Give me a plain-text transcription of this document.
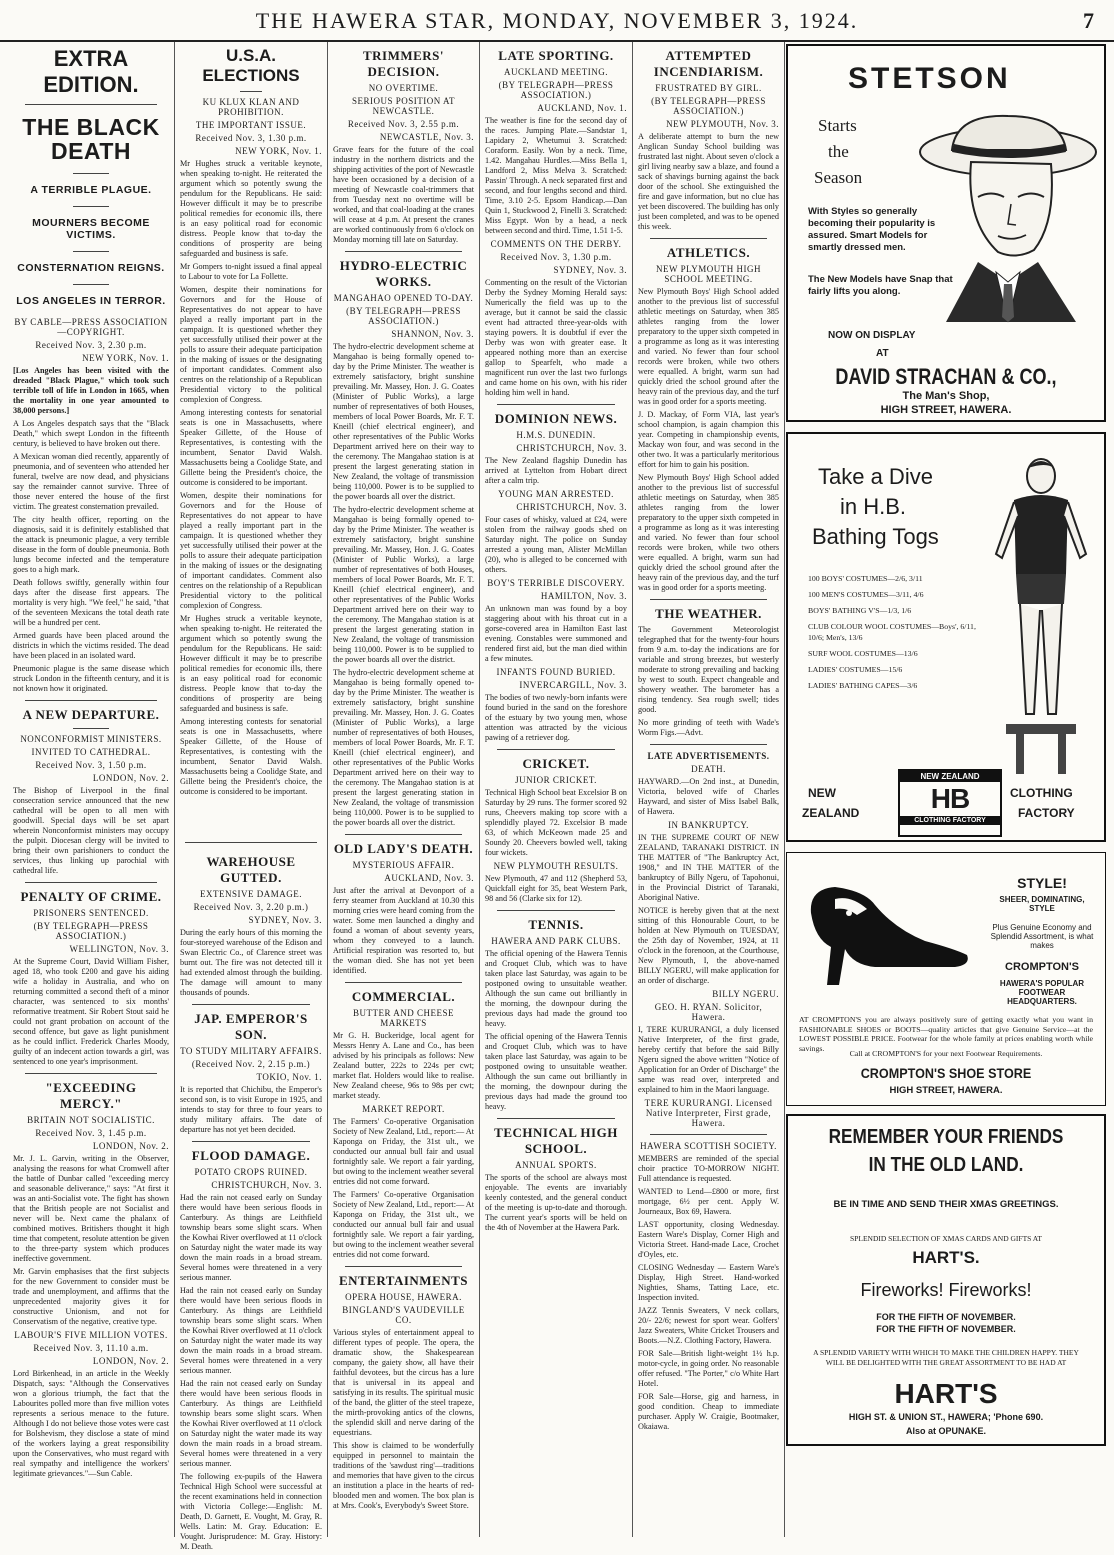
THE HAWERA STAR, MONDAY, NOVEMBER 3, 1924.	7
EXTRA EDITION.
THE BLACK DEATH
A TERRIBLE PLAGUE.
MOURNERS BECOME VICTIMS.
CONSTERNATION REIGNS.
LOS ANGELES IN TERROR.
BY CABLE—PRESS ASSOCIATION—COPYRIGHT.
Received Nov. 3, 2.30 p.m.
NEW YORK, Nov. 1.

[Los Angeles has been visited with the dreaded "Black Plague," which took such terrible toll of life in London in 1665, when the mortality in one year amounted to 38,000 persons.]

A Los Angeles despatch says that the "Black Death," which swept London in the fifteenth century, is believed to have broken out there.

A Mexican woman died recently, apparently of pneumonia, and of seventeen who attended her funeral, twelve are now dead, and physicians say the remainder cannot survive. Three of those never entered the house of the first victim. The greatest consternation prevailed.

The city health officer, reporting on the diagnosis, said it is definitely established that the attack is pneumonic plague, a very terrible disease in the form of double pneumonia. Both lungs become infected and the temperature goes to a high mark.

Death follows swiftly, generally within four days after the disease first appears. The mortality is very high. "We feel," he said, "that of the seventeen Mexicans the total death rate will be a hundred per cent.

Armed guards have been placed around the districts in which the victims resided. The dead have been placed in an isolated ward.

Pneumonic plague is the same disease which struck London in the fifteenth century, and it is not known how it originated.

A NEW DEPARTURE.
NONCONFORMIST MINISTERS.
INVITED TO CATHEDRAL.
Received Nov. 3, 1.50 p.m.
LONDON, Nov. 2.

The Bishop of Liverpool in the final consecration service announced that the new cathedral will be open to all men with goodwill. Special days will be set apart wherein Nonconformist ministers may occupy the pulpit. Diocesan clergy will be invited to bring their own parishioners to conduct the services, thus linking up parochial with cathedral life.

PENALTY OF CRIME.
PRISONERS SENTENCED.
(BY TELEGRAPH—PRESS ASSOCIATION.)
WELLINGTON, Nov. 3.

At the Supreme Court, David William Fisher, aged 18, who took £200 and gave his aiding wife a holiday in Australia, and who on returning committed a second theft of a minor character, was sentenced to six months' reformative treatment. Sir Robert Stout said he could not grant probation on account of the second offence, but gave as light punishment as he could inflict. Frederick Charles Moody, guilty of an indecent action towards a girl, was sentenced to one year's imprisonment.

"EXCEEDING MERCY."
BRITAIN NOT SOCIALISTIC.
Received Nov. 3, 1.45 p.m.
LONDON, Nov. 2.

Mr. J. L. Garvin, writing in the Observer, analysing the reasons for what Cromwell after the battle of Dunbar called "exceeding mercy and seasonable deliverance," says: "At first it was an anti-Socialist vote. The fight has shown that the British people are not Socialist and never will be. Next came the phalanx of combined motives. Britishers thought it high time that competent, resolute attention be given to the three-party system which produces ineffective government.

Mr. Garvin emphasises that the first subjects for the new Government to consider must be trade and unemployment, and affirms that the unprecedented majority gives it for constructive Unionism, and not for Conservatism of the negative, creative type.

LABOUR'S FIVE MILLION VOTES.
Received Nov. 3, 11.10 a.m.
LONDON, Nov. 2.

Lord Birkenhead, in an article in the Weekly Dispatch, says: "Although the Conservatives won a glorious triumph, the fact that the Labourites polled more than five million votes represents a serious menace to the future. Although I do not believe those votes were cast for Bolshevism, they disclose a state of mind of the workers laying a great responsibility upon the Conservatives, who must regard with real sympathy and intelligence the workers' legitimate grievances."—Sun Cable.

U.S.A. ELECTIONS
KU KLUX KLAN AND PROHIBITION.
THE IMPORTANT ISSUE.
Received Nov. 3, 1.30 p.m.
NEW YORK, Nov. 1.

Mr Hughes struck a veritable keynote, when speaking to-night. He reiterated the argument which so potently swung the pendulum for the Republicans. He said: However difficult it may be to prescribe political remedies for economic ills, there is an easy political road for economic distress. People know that to-day the conditions of prosperity are being safeguarded and business is safe.

Mr Gompers to-night issued a final appeal to Labour to vote for La Follette.

Women, despite their nominations for Governors and for the House of Representatives do not appear to have played a really important part in the campaign. It is questioned whether they yet successfully utilised their power at the polls to assure their adequate participation in the making of issues or the designating of important candidates. Comment also centres on the relationship of a Republican Presidential victory to the political complexion of Congress.

Among interesting contests for senatorial seats is one in Massachusetts, where Speaker Gillette, of the House of Representatives, is contesting with the incumbent, Senator David Walsh. Massachusetts being a Coolidge State, and Gillette being the President's choice, the outcome is considered to be important.

Women, despite their nominations for Governors and for the House of Representatives do not appear to have played a really important part in the campaign. It is questioned whether they yet successfully utilised their power at the polls to assure their adequate participation in the making of issues or the designating of important candidates. Comment also centres on the relationship of a Republican Presidential victory to the political complexion of Congress.

Mr Hughes struck a veritable keynote, when speaking to-night. He reiterated the argument which so potently swung the pendulum for the Republicans. He said: However difficult it may be to prescribe political remedies for economic ills, there is an easy political road for economic distress. People know that to-day the conditions of prosperity are being safeguarded and business is safe.

Among interesting contests for senatorial seats is one in Massachusetts, where Speaker Gillette, of the House of Representatives, is contesting with the incumbent, Senator David Walsh. Massachusetts being a Coolidge State, and Gillette being the President's choice, the outcome is considered to be important.

WAREHOUSE GUTTED.
EXTENSIVE DAMAGE.
Received Nov. 3, 2.20 p.m.)
SYDNEY, Nov. 3.

During the early hours of this morning the four-storeyed warehouse of the Edison and Swan Electric Co., of Clarence street was burnt out. The fire was not detected till it had extended almost through the building. The damage will amount to many thousands of pounds.

JAP. EMPEROR'S SON.
TO STUDY MILITARY AFFAIRS.
(Received Nov. 2, 2.15 p.m.)
TOKIO, Nov. 1.

It is reported that Chichibu, the Emperor's second son, is to visit Europe in 1925, and intends to stay for three to four years to study military affairs. The date of departure has not yet been decided.

FLOOD DAMAGE.
POTATO CROPS RUINED.
CHRISTCHURCH, Nov. 3.

Had the rain not ceased early on Sunday there would have been serious floods in Canterbury. As things are Leithfield township bears some slight scars. When the Kowhai River overflowed at 11 o'clock on Saturday night the water made its way down the main roads in a broad stream. Several homes were threatened in a very serious manner.

Had the rain not ceased early on Sunday there would have been serious floods in Canterbury. As things are Leithfield township bears some slight scars. When the Kowhai River overflowed at 11 o'clock on Saturday night the water made its way down the main roads in a broad stream. Several homes were threatened in a very serious manner.

Had the rain not ceased early on Sunday there would have been serious floods in Canterbury. As things are Leithfield township bears some slight scars. When the Kowhai River overflowed at 11 o'clock on Saturday night the water made its way down the main roads in a broad stream. Several homes were threatened in a very serious manner.

The following ex-pupils of the Hawera Technical High School were successful at the recent examinations held in connection with Victoria College:—English: M. Death, D. Garnett, E. Vought, M. Gray, R. Wells. Latin: M. Gray. Education: E. Vought. Jurisprudence: M. Gray. History: M. Death.

TRIMMERS' DECISION.
NO OVERTIME.
SERIOUS POSITION AT NEWCASTLE.
Received Nov. 3, 2.55 p.m.
NEWCASTLE, Nov. 3.

Grave fears for the future of the coal industry in the northern districts and the shipping activities of the port of Newcastle have been occasioned by a decision of a meeting of Newcastle coal-trimmers that from Tuesday next no overtime will be worked, and that coal-loading at the cranes will cease at 4 p.m. At present the cranes are worked continuously from 6 o'clock on Monday morning till late on Saturday.

HYDRO-ELECTRIC WORKS.
MANGAHAO OPENED TO-DAY.
(BY TELEGRAPH—PRESS ASSOCIATION.)
SHANNON, Nov. 3.

The hydro-electric development scheme at Mangahao is being formally opened to-day by the Prime Minister. The weather is extremely satisfactory, bright sunshine prevailing. Mr. Massey, Hon. J. G. Coates (Minister of Public Works), a large number of representatives of both Houses, members of local Power Boards, Mr. F. T. Kneill (chief electrical engineer), and other representatives of the Public Works Department arrived here on their way to the ceremony. The Mangahao station is at present the largest generating station in New Zealand, the voltage of transmission being 110,000. Power is to be supplied to the power boards all over the district.

The hydro-electric development scheme at Mangahao is being formally opened to-day by the Prime Minister. The weather is extremely satisfactory, bright sunshine prevailing. Mr. Massey, Hon. J. G. Coates (Minister of Public Works), a large number of representatives of both Houses, members of local Power Boards, Mr. F. T. Kneill (chief electrical engineer), and other representatives of the Public Works Department arrived here on their way to the ceremony. The Mangahao station is at present the largest generating station in New Zealand, the voltage of transmission being 110,000. Power is to be supplied to the power boards all over the district.

The hydro-electric development scheme at Mangahao is being formally opened to-day by the Prime Minister. The weather is extremely satisfactory, bright sunshine prevailing. Mr. Massey, Hon. J. G. Coates (Minister of Public Works), a large number of representatives of both Houses, members of local Power Boards, Mr. F. T. Kneill (chief electrical engineer), and other representatives of the Public Works Department arrived here on their way to the ceremony. The Mangahao station is at present the largest generating station in New Zealand, the voltage of transmission being 110,000. Power is to be supplied to the power boards all over the district.

OLD LADY'S DEATH.
MYSTERIOUS AFFAIR.
AUCKLAND, Nov. 3.

Just after the arrival at Devonport of a ferry steamer from Auckland at 10.30 this morning cries were heard coming from the water. Some men launched a dinghy and found a woman of about seventy years, whom they conveyed to a launch. Artificial respiration was resorted to, but the woman died. She has not yet been identified.

COMMERCIAL.
BUTTER AND CHEESE MARKETS

Mr G. H. Buckeridge, local agent for Messrs Henry A. Lane and Co., has been advised by his principals as follows: New Zealand butter, 222s to 224s per cwt; market flat. Holders would like to realise. New Zealand cheese, 96s to 98s per cwt; market steady.

MARKET REPORT.

The Farmers' Co-operative Organisation Society of New Zealand, Ltd., report:— At Kaponga on Friday, the 31st ult., we conducted our annual bull fair and usual fortnightly sale. We report a fair yarding, but owing to the inclement weather several entries did not come forward.

The Farmers' Co-operative Organisation Society of New Zealand, Ltd., report:— At Kaponga on Friday, the 31st ult., we conducted our annual bull fair and usual fortnightly sale. We report a fair yarding, but owing to the inclement weather several entries did not come forward.

ENTERTAINMENTS
OPERA HOUSE, HAWERA.
BINGLAND'S VAUDEVILLE CO.

Various styles of entertainment appeal to different types of people. The opera, the dramatic show, the Shakespearean company, the gaiety show, all have their faithful devotees, but the circus has a lure that is universal in its appeal and satisfying in its results. The spiritual music of the band, the glitter of the steel trapeze, the mirth-provoking antics of the clowns, the splendid skill and nerve daring of the equestrians.

This show is claimed to be wonderfully equipped in personnel to maintain the traditions of the 'sawdust ring'—traditions and memories that have given to the circus an institution a place in the hearts of red-blooded men and women. The box plan is at Mrs. Cook's, Everybody's Sweet Store.

LATE SPORTING.
AUCKLAND MEETING.
(BY TELEGRAPH—PRESS ASSOCIATION.)
AUCKLAND, Nov. 1.

The weather is fine for the second day of the races. Jumping Plate.—Sandstar 1, Lapidary 2, Whetumui 3. Scratched: Coraform. Easily. Won by a neck. Time, 1.42. Mangahau Hurdles.—Miss Bella 1, Landford 2, Miss Melva 3. Scratched: Passin' Through. A neck separated first and second, and four lengths second and third. Time, 3.10 2-5. Epsom Handicap.—Dan Quin 1, Stuckwood 2, Finelli 3. Scratched: Miss Egypt. Won by a head, a neck between second and third. Time, 1.51 1-5.

COMMENTS ON THE DERBY.
Received Nov. 3, 1.30 p.m.
SYDNEY, Nov. 3.

Commenting on the result of the Victorian Derby the Sydney Morning Herald says: Numerically the field was up to the average, but it cannot be said the classic event had attracted three-year-olds with staying powers. It is doubtful if ever the Derby was won with greater ease. It appeared nothing more than an exercise gallop to Spearfelt, who made a magnificent run over the last two furlongs and came home on his own, with his rider holding him well in hand.

DOMINION NEWS.
H.M.S. DUNEDIN.
CHRISTCHURCH, Nov. 3.

The New Zealand flagship Dunedin has arrived at Lyttelton from Hobart direct after a calm trip.

YOUNG MAN ARRESTED.
CHRISTCHURCH, Nov. 3.

Four cases of whisky, valued at £24, were stolen from the railway goods shed on Saturday night. The police on Sunday arrested a young man, Alister McMillan (20), who is alleged to be concerned with others.

BOY'S TERRIBLE DISCOVERY.
HAMILTON, Nov. 3.

An unknown man was found by a boy staggering about with his throat cut in a gorse-covered area in Hamilton East last evening. Constables were summoned and rendered first aid, but the man died within a few minutes.

INFANTS FOUND BURIED.
INVERCARGILL, Nov. 3.

The bodies of two newly-born infants were found buried in the sand on the foreshore of the estuary by two young men, whose attention was attracted by the vicious pawing of a retriever dog.

CRICKET.
JUNIOR CRICKET.

Technical High School beat Excelsior B on Saturday by 29 runs. The former scored 92 runs, Cheevers making top score with a splendidly played 72. Excelsior B made 63, of which McKeown made 25 and Soundy 20. Cheevers bowled well, taking four wickets.

NEW PLYMOUTH RESULTS.

New Plymouth, 47 and 112 (Shepherd 53, Quickfall eight for 35, beat Western Park, 98 and 56 (Clarke six for 12).

TENNIS.
HAWERA AND PARK CLUBS.

The official opening of the Hawera Tennis and Croquet Club, which was to have taken place last Saturday, was again to be postponed owing to unsuitable weather. Although the sun came out brilliantly in the morning, the downpour during the previous days had made the ground too heavy.

The official opening of the Hawera Tennis and Croquet Club, which was to have taken place last Saturday, was again to be postponed owing to unsuitable weather. Although the sun came out brilliantly in the morning, the downpour during the previous days had made the ground too heavy.

TECHNICAL HIGH SCHOOL.
ANNUAL SPORTS.

The sports of the school are always most enjoyable. The events are invariably keenly contested, and the general conduct of the meeting is up-to-date and thorough. The current year's sports will be held on the 4th of November at the Hawera Park.

ATTEMPTED INCENDIARISM.
FRUSTRATED BY GIRL.
(BY TELEGRAPH—PRESS ASSOCIATION.)
NEW PLYMOUTH, Nov. 3.

A deliberate attempt to burn the new Anglican Sunday School building was frustrated last night. About seven o'clock a girl living nearby saw a blaze, and found a sack of shavings burning against the back door of the school. She extinguished the fire and gave information, but no clue has yet been discovered. The building has only just been completed, and was to be opened this week.

ATHLETICS.
NEW PLYMOUTH HIGH SCHOOL MEETING.

New Plymouth Boys' High School added another to the previous list of successful athletic meetings on Saturday, when 385 athletes ranging from the lower preparatory to the upper sixth competed in a programme as long as it was interesting and varied. No fewer than four school records were broken, while two others were equalled. A bright, warm sun had quickly dried the school ground after the heavy rain of the previous day, and the turf was in good order for a sports meeting.

J. D. Mackay, of Form VIA, last year's school champion, is again champion this year. Competing in championship events, Mackay won four, and was second in the other two. It was a particularly meritorious effort for him to gain his position.

New Plymouth Boys' High School added another to the previous list of successful athletic meetings on Saturday, when 385 athletes ranging from the lower preparatory to the upper sixth competed in a programme as long as it was interesting and varied. No fewer than four school records were broken, while two others were equalled. A bright, warm sun had quickly dried the school ground after the heavy rain of the previous day, and the turf was in good order for a sports meeting.

THE WEATHER.

The Government Meteorologist telegraphed that for the twenty-four hours from 9 a.m. to-day the indications are for variable and strong breezes, but westerly moderate to strong prevailing and backing by west to south. Expect changeable and showery weather. The barometer has a rising tendency. Sea rough swell; tides good.

No more grinding of teeth with Wade's Worm Figs.—Advt.

LATE ADVERTISEMENTS.
DEATH.

HAYWARD.—On 2nd inst., at Dunedin, Victoria, beloved wife of Charles Hayward, and sister of Miss Isabel Balk, of Hawera.

IN BANKRUPTCY.

IN THE SUPREME COURT OF NEW ZEALAND, TARANAKI DISTRICT. IN THE MATTER of "The Bankruptcy Act, 1908," and IN THE MATTER of the bankruptcy of Billy Ngeru, of Tapohonui, in the Provincial District of Taranaki, Aboriginal Native.

NOTICE is hereby given that at the next sitting of this Honourable Court, to be holden at New Plymouth on TUESDAY, the 25th day of November, 1924, at 11 o'clock in the forenoon, at the Courthouse, New Plymouth, I, the above-named BILLY NGERU, will make application for an order of discharge.

BILLY NGERU.
GEO. H. RYAN. Solicitor, Hawera.

I, TERE KURURANGI, a duly licensed Native Interpreter, of the first grade, hereby certify that before the said Billy Ngeru signed the above written "Notice of Application for an Order of Discharge" the same was read over, interpreted and explained to him in the Maori language.

TERE KURURANGI. Licensed Native Interpreter, First grade, Hawera.
HAWERA SCOTTISH SOCIETY.

MEMBERS are reminded of the special choir practice TO-MORROW NIGHT. Full attendance is requested.

WANTED to Lend—£800 or more, first mortgage, 6½ per cent. Apply W. Journeaux, Box 69, Hawera.

LAST opportunity, closing Wednesday. Eastern Ware's Display, Corner High and Victoria Street. Hand-made Lace, Crochet d'Oyles, etc.

CLOSING Wednesday — Eastern Ware's Display, High Street. Hand-worked Nighties, Shams, Tatting Lace, etc. Inspection invited.

JAZZ Tennis Sweaters, V neck collars, 20/- 22/6; newest for sport wear. Golfers' Jazz Sweaters, White Cricket Trousers and Boots.—N.Z. Clothing Factory, Hawera.

FOR Sale—British light-weight 1½ h.p. motor-cycle, in going order. No reasonable offer refused. "The Porter," c/o White Hart Hotel.

FOR Sale—Horse, gig and harness, in good condition. Cheap to immediate purchaser. Apply W. Craigie, Bootmaker, Okaiawa.

STETSON
Starts
the
Season
With Styles so generally becoming their popularity is assured. Smart Models for smartly dressed men.
The New Models have Snap that fairly lifts you along.
NOW ON DISPLAY
AT
DAVID STRACHAN & CO.,
The Man's Shop,
HIGH STREET, HAWERA.
Take a Dive
in H.B.
Bathing Togs
100 BOYS' COSTUMES—2/6, 3/11
100 MEN'S COSTUMES—3/11, 4/6
BOYS' BATHING V'S—1/3, 1/6
CLUB COLOUR WOOL COSTUMES—Boys', 6/11, 10/6; Men's, 13/6
SURF WOOL COSTUMES—13/6
LADIES' COSTUMES—15/6
LADIES' BATHING CAPES—3/6
NEW
ZEALAND
NEW ZEALAND
HB
CLOTHING FACTORY
CLOTHING
FACTORY
STYLE!
SHEER, DOMINATING, STYLE
Plus Genuine Economy and Splendid Assortment, is what makes
CROMPTON'S
HAWERA'S POPULAR FOOTWEAR HEADQUARTERS.
AT CROMPTON'S you are always positively sure of getting exactly what you want in FASHIONABLE SHOES or BOOTS—quality articles that give Genuine Service—at the LOWEST POSSIBLE PRICE. Footwear for the whole family at prices enabling worth while savings.
Call at CROMPTON'S for your next Footwear Requirements.
CROMPTON'S SHOE STORE
HIGH STREET, HAWERA.
REMEMBER YOUR FRIENDS
IN THE OLD LAND.
BE IN TIME AND SEND THEIR XMAS GREETINGS.
SPLENDID SELECTION OF XMAS CARDS AND GIFTS AT
HART'S.
Fireworks! Fireworks!
FOR THE FIFTH OF NOVEMBER.
FOR THE FIFTH OF NOVEMBER.
A SPLENDID VARIETY WITH WHICH TO MAKE THE CHILDREN HAPPY. THEY WILL BE DELIGHTED WITH THE GREAT ASSORTMENT TO BE HAD AT
HART'S
HIGH ST. & UNION ST., HAWERA; 'Phone 690.
Also at OPUNAKE.
